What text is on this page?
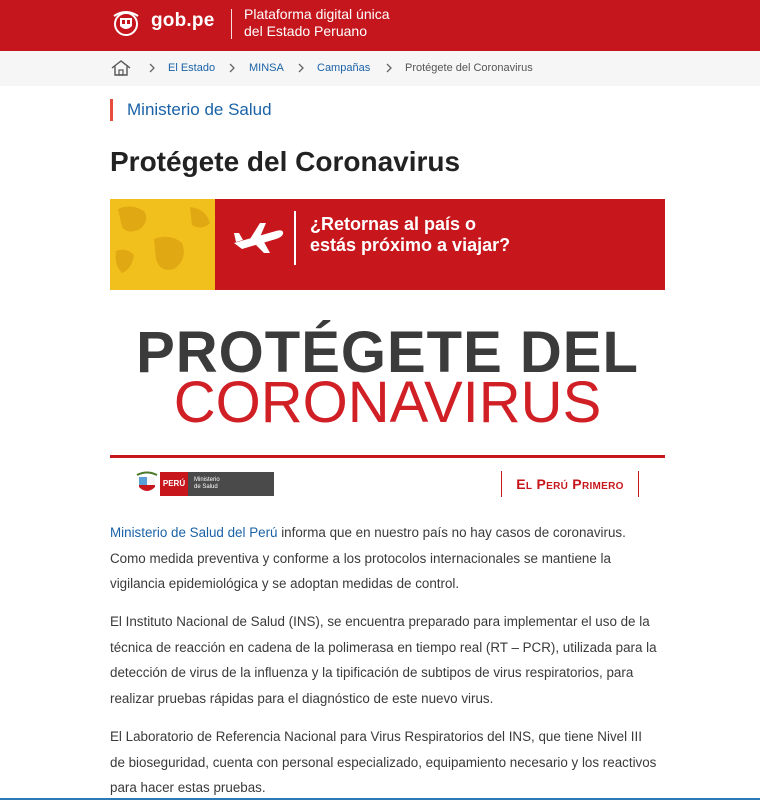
gob.pe Plataforma digital única
del Estado Peruano
El Estado	MINSA	Campañas	Protégete del Coronavirus
Ministerio de Salud
Protégete del Coronavirus
¿Retornas al país o
estás próximo a viajar?
PROTÉGETE DEL
CORONAVIRUS
PERÚ	Ministerio
de Salud	El Perú Primero

Ministerio de Salud del Perú informa que en nuestro país no hay casos de coronavirus. Como medida preventiva y conforme a los protocolos internacionales se mantiene la vigilancia epidemiológica y se adoptan medidas de control.

El Instituto Nacional de Salud (INS), se encuentra preparado para implementar el uso de la técnica de reacción en cadena de la polimerasa en tiempo real (RT – PCR), utilizada para la detección de virus de la influenza y la tipificación de subtipos de virus respiratorios, para realizar pruebas rápidas para el diagnóstico de este nuevo virus.

El Laboratorio de Referencia Nacional para Virus Respiratorios del INS, que tiene Nivel III de bioseguridad, cuenta con personal especializado, equipamiento necesario y los reactivos para hacer estas pruebas.
